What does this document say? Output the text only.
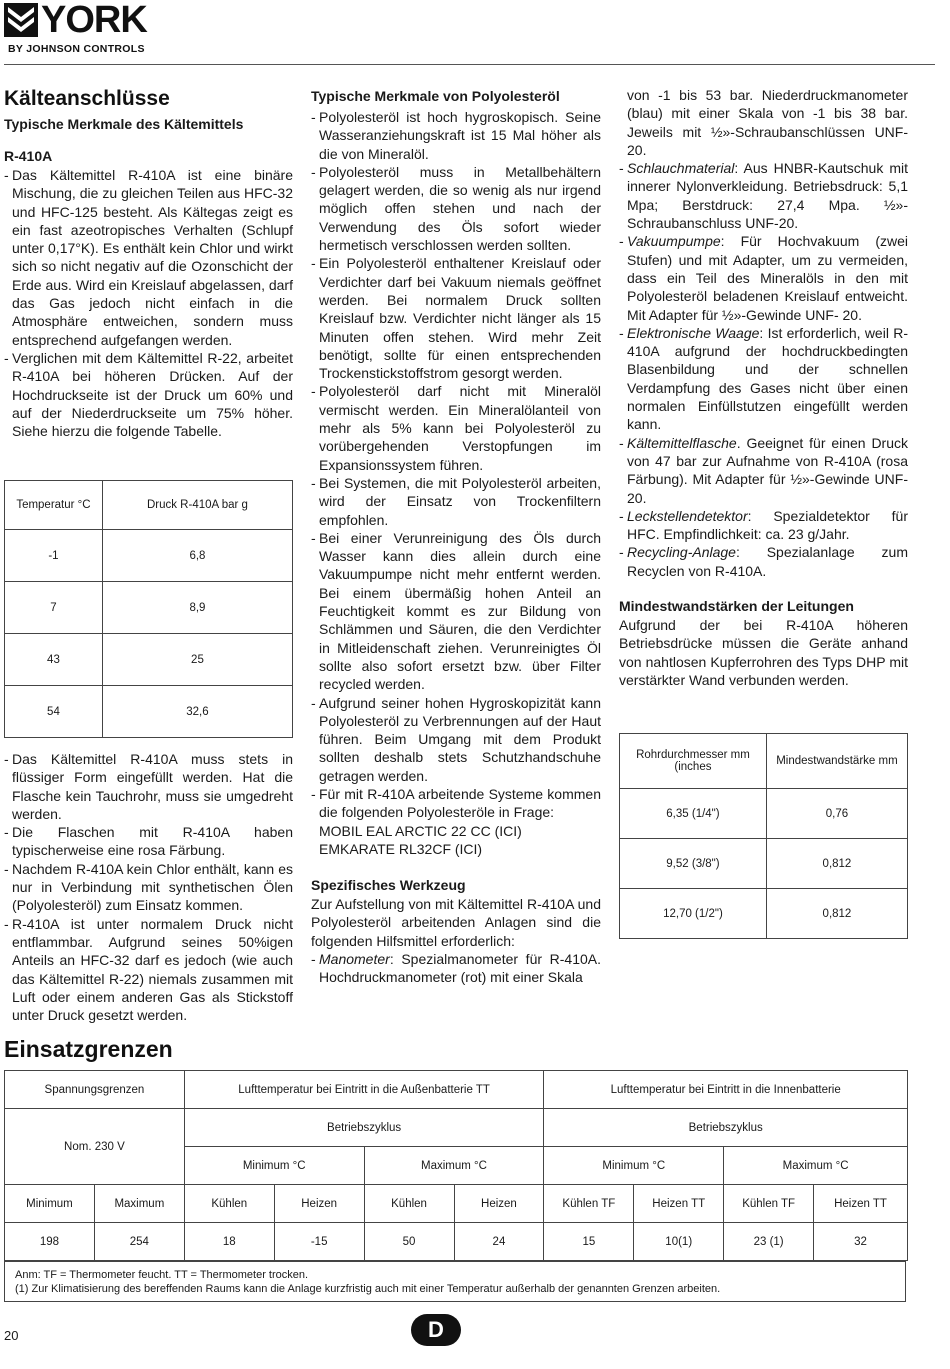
YORK
BY JOHNSON CONTROLS
Kälteanschlüsse
Typische Merkmale des Kältemittels
R-410A
- Das Kältemittel R-410A ist eine binäre Mischung, die zu gleichen Teilen aus HFC-32 und HFC-125 besteht. Als Kältegas zeigt es ein fast azeotropisches Verhalten (Schlupf unter 0,17°K). Es enthält kein Chlor und wirkt sich so nicht negativ auf die Ozonschicht der Erde aus. Wird ein Kreislauf abgelassen, darf das Gas jedoch nicht einfach in die Atmosphäre entweichen, sondern muss entsprechend aufgefangen werden.
- Verglichen mit dem Kältemittel R-22, arbeitet R-410A bei höheren Drücken. Auf der Hochdruckseite ist der Druck um 60% und auf der Niederdruckseite um 75% höher. Siehe hierzu die folgende Tabelle.
Temperatur °C	Druck R-410A bar g
-1	6,8
7	8,9
43	25
54	32,6
- Das Kältemittel R-410A muss stets in flüssiger Form eingefüllt werden. Hat die Flasche kein Tauchrohr, muss sie umgedreht werden.
- Die Flaschen mit R-410A haben typischerweise eine rosa Färbung.
- Nachdem R-410A kein Chlor enthält, kann es nur in Verbindung mit synthetischen Ölen (Polyolesteröl) zum Einsatz kommen.
- R-410A ist unter normalem Druck nicht entflammbar. Aufgrund seines 50%igen Anteils an HFC-32 darf es jedoch (wie auch das Kältemittel R-22) niemals zusammen mit Luft oder einem anderen Gas als Stickstoff unter Druck gesetzt werden.
Typische Merkmale von Polyolesteröl
- Polyolesteröl ist hoch hygroskopisch. Seine Wasseranziehungskraft ist 15 Mal höher als die von Mineralöl.
- Polyolesteröl muss in Metallbehältern gelagert werden, die so wenig als nur irgend möglich offen stehen und nach der Verwendung des Öls sofort wieder hermetisch verschlossen werden sollten.
- Ein Polyolesteröl enthaltener Kreislauf oder Verdichter darf bei Vakuum niemals geöffnet werden. Bei normalem Druck sollten Kreislauf bzw. Verdichter nicht länger als 15 Minuten offen stehen. Wird mehr Zeit benötigt, sollte für einen entsprechenden Trockenstickstoffstrom gesorgt werden.
- Polyolesteröl darf nicht mit Mineralöl vermischt werden. Ein Mineralölanteil von mehr als 5% kann bei Polyolesteröl zu vorübergehenden Verstopfungen im Expansionssystem führen.
- Bei Systemen, die mit Polyolesteröl arbeiten, wird der Einsatz von Trockenfiltern empfohlen.
- Bei einer Verunreinigung des Öls durch Wasser kann dies allein durch eine Vakuumpumpe nicht mehr entfernt werden. Bei einem übermäßig hohen Anteil an Feuchtigkeit kommt es zur Bildung von Schlämmen und Säuren, die den Verdichter in Mitleidenschaft ziehen. Verunreinigtes Öl sollte also sofort ersetzt bzw. über Filter recycled werden.
- Aufgrund seiner hohen Hygroskopizität kann Polyolesteröl zu Verbrennungen auf der Haut führen. Beim Umgang mit dem Produkt sollten deshalb stets Schutzhandschuhe getragen werden.
- Für mit R-410A arbeitende Systeme kommen die folgenden Polyolesteröle in Frage:
MOBIL EAL ARCTIC 22 CC (ICI)
EMKARATE RL32CF (ICI)
Spezifisches Werkzeug

Zur Aufstellung von mit Kältemittel R-410A und Polyolesteröl arbeitenden Anlagen sind die folgenden Hilfsmittel erforderlich:

- Manometer: Spezialmanometer für R-410A. Hochdruckmanometer (rot) mit einer Skala

von -1 bis 53 bar. Niederdruckmanometer (blau) mit einer Skala von -1 bis 38 bar. Jeweils mit ½»-Schraubanschlüssen UNF-20.

- Schlauchmaterial: Aus HNBR-Kautschuk mit innerer Nylonverkleidung. Betriebsdruck: 5,1 Mpa; Berstdruck: 27,4 Mpa. ½»-Schraubanschluss UNF-20.
- Vakuumpumpe: Für Hochvakuum (zwei Stufen) und mit Adapter, um zu vermeiden, dass ein Teil des Mineralöls in den mit Polyolesteröl beladenen Kreislauf entweicht. Mit Adapter für ½»-Gewinde UNF- 20.
- Elektronische Waage: Ist erforderlich, weil R-410A aufgrund der hochdruckbedingten Blasenbildung und der schnellen Verdampfung des Gases nicht über einen normalen Einfüllstutzen eingefüllt werden kann.
- Kältemittelflasche. Geeignet für einen Druck von 47 bar zur Aufnahme von R-410A (rosa Färbung). Mit Adapter für ½»-Gewinde UNF-20.
- Leckstellendetektor: Spezialdetektor für HFC. Empfindlichkeit: ca. 23 g/Jahr.
- Recycling-Anlage: Spezialanlage zum Recyclen von R-410A.
Mindestwandstärken der Leitungen

Aufgrund der bei R-410A höheren Betriebsdrücke müssen die Geräte anhand von nahtlosen Kupferrohren des Typs DHP mit verstärkter Wand verbunden werden.

Rohrdurchmesser mm (inches	Mindestwandstärke mm
6,35 (1/4")	0,76
9,52 (3/8")	0,812
12,70 (1/2")	0,812
Einsatzgrenzen
Spannungsgrenzen		Lufttemperatur bei Eintritt in die Außenbatterie TT				Lufttemperatur bei Eintritt in die Innenbatterie			
Nom. 230 V		Betriebszyklus				Betriebszyklus			
		Minimum °C		Maximum °C		Minimum °C		Maximum °C	
Minimum	Maximum	Kühlen	Heizen	Kühlen	Heizen	Kühlen TF	Heizen TT	Kühlen TF	Heizen TT
198	254	18	-15	50	24	15	10(1)	23 (1)	32
Anm: TF = Thermometer feucht. TT = Thermometer trocken.
(1) Zur Klimatisierung des bereffenden Raums kann die Anlage kurzfristig auch mit einer Temperatur außerhalb der genannten Grenzen arbeiten.
20	D
